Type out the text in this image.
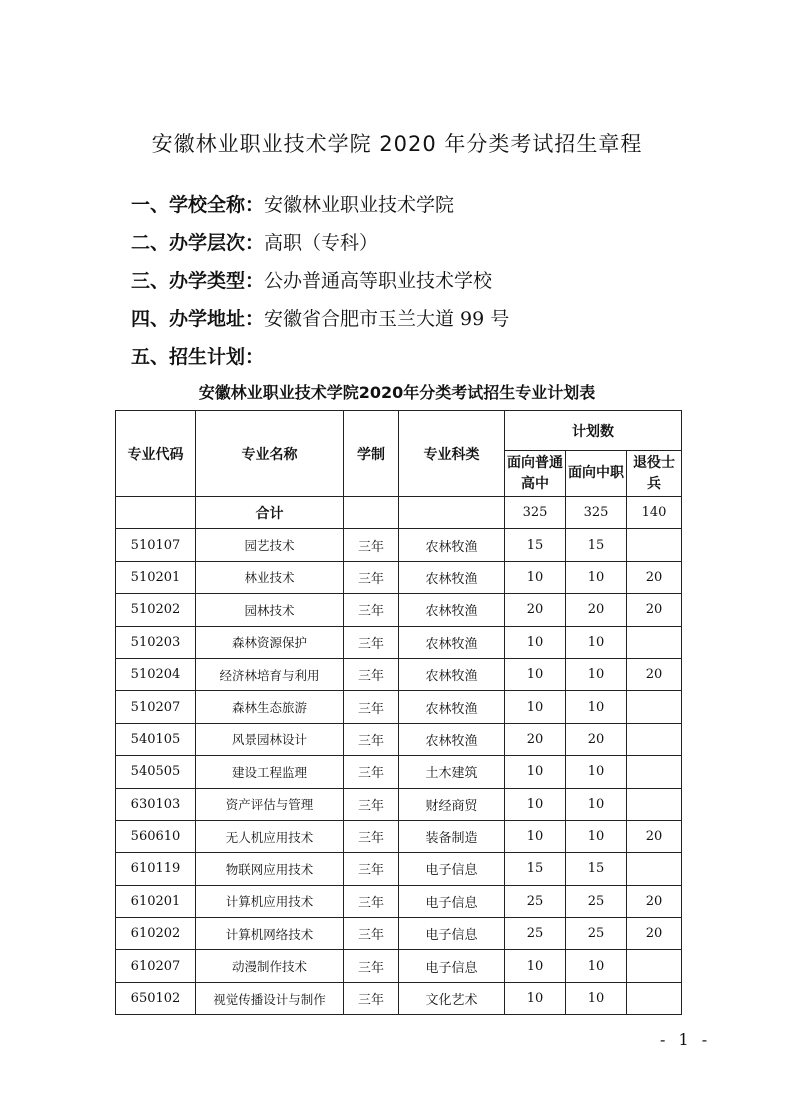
安徽林业职业技术学院 2020 年分类考试招生章程
一、学校全称：安徽林业职业技术学院
二、办学层次：高职（专科）
三、办学类型：公办普通高等职业技术学校
四、办学地址：安徽省合肥市玉兰大道 99 号
五、招生计划：
安徽林业职业技术学院2020年分类考试招生专业计划表
专业代码	专业名称	学制	专业科类	计划数		
				面向普通高中	面向中职	退役士兵
	合计			325	325	140
510107	园艺技术	三年	农林牧渔	15	15	
510201	林业技术	三年	农林牧渔	10	10	20
510202	园林技术	三年	农林牧渔	20	20	20
510203	森林资源保护	三年	农林牧渔	10	10	
510204	经济林培育与利用	三年	农林牧渔	10	10	20
510207	森林生态旅游	三年	农林牧渔	10	10	
540105	风景园林设计	三年	农林牧渔	20	20	
540505	建设工程监理	三年	土木建筑	10	10	
630103	资产评估与管理	三年	财经商贸	10	10	
560610	无人机应用技术	三年	装备制造	10	10	20
610119	物联网应用技术	三年	电子信息	15	15	
610201	计算机应用技术	三年	电子信息	25	25	20
610202	计算机网络技术	三年	电子信息	25	25	20
610207	动漫制作技术	三年	电子信息	10	10	
650102	视觉传播设计与制作	三年	文化艺术	10	10	
- 1 -
